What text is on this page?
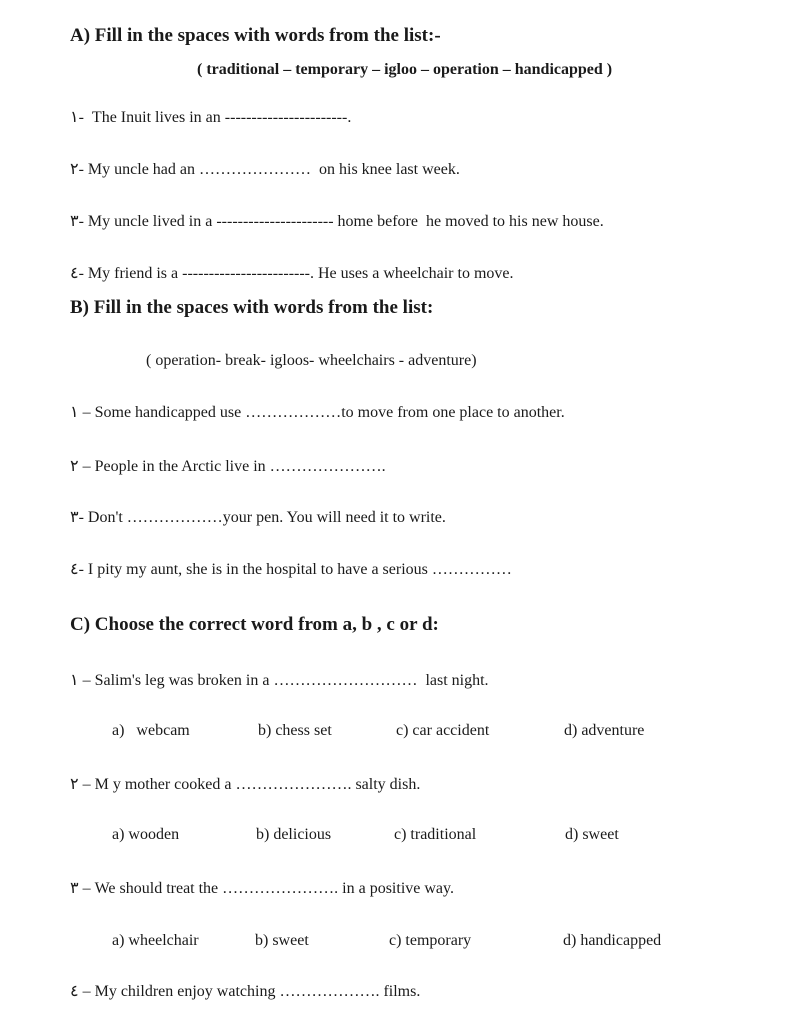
A) Fill in the spaces with words from the list:-
( traditional – temporary – igloo – operation – handicapped )
١-  The Inuit lives in an -----------------------.
٢- My uncle had an …………………  on his knee last week.
٣- My uncle lived in a ---------------------- home before  he moved to his new house.
٤- My friend is a ------------------------. He uses a wheelchair to move.
B) Fill in the spaces with words from the list:
( operation- break- igloos- wheelchairs - adventure)
١ – Some handicapped use ………………to move from one place to another.
٢ – People in the Arctic live in ………………….
٣- Don't ………………your pen. You will need it to write.
٤- I pity my aunt, she is in the hospital to have a serious ……………
C) Choose the correct word from a, b , c or d:
١ – Salim's leg was broken in a ………………………  last night.
a)   webcam	b) chess set	c) car accident	d) adventure
٢ – M y mother cooked a …………………. salty dish.
a) wooden	b) delicious	c) traditional	d) sweet
٣ – We should treat the …………………. in a positive way.
a) wheelchair	b) sweet	c) temporary	d) handicapped
٤ – My children enjoy watching ………………. films.
